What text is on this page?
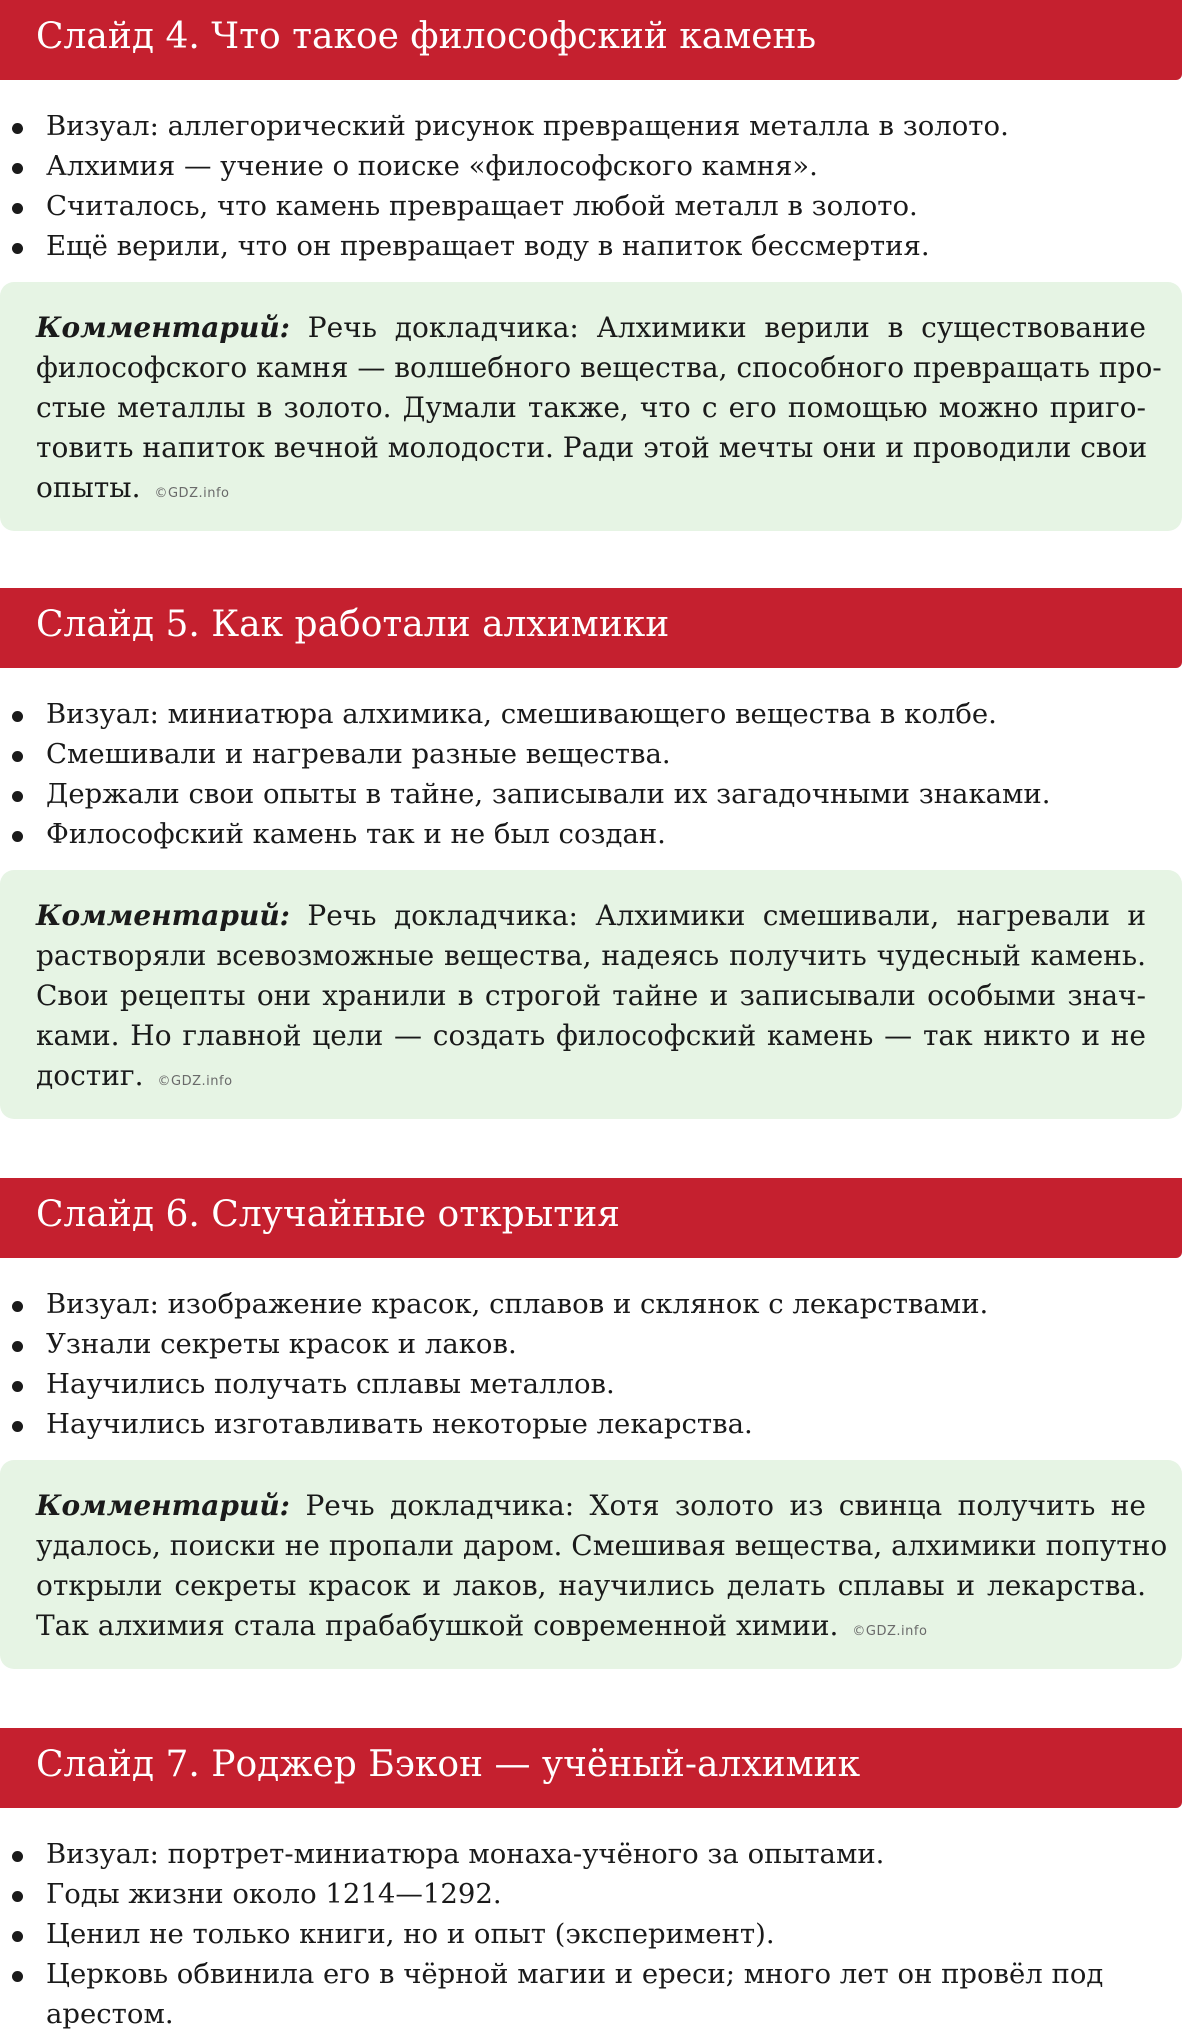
Слайд 4. Что такое философский камень
Визуал: аллегорический рисунок превращения металла в золото.
Алхимия — учение о поиске «философского камня».
Считалось, что камень превращает любой металл в золото.
Ещё верили, что он превращает воду в напиток бессмертия.
Комментарий: Речь докладчика: Алхимики верили в существование
философского камня — волшебного вещества, способного превращать про-
стые металлы в золото. Думали также, что с его помощью можно приго-
товить напиток вечной молодости. Ради этой мечты они и проводили свои
опыты. ©GDZ.info
Слайд 5. Как работали алхимики
Визуал: миниатюра алхимика, смешивающего вещества в колбе.
Смешивали и нагревали разные вещества.
Держали свои опыты в тайне, записывали их загадочными знаками.
Философский камень так и не был создан.
Комментарий: Речь докладчика: Алхимики смешивали, нагревали и
растворяли всевозможные вещества, надеясь получить чудесный камень.
Свои рецепты они хранили в строгой тайне и записывали особыми знач-
ками. Но главной цели — создать философский камень — так никто и не
достиг. ©GDZ.info
Слайд 6. Случайные открытия
Визуал: изображение красок, сплавов и склянок с лекарствами.
Узнали секреты красок и лаков.
Научились получать сплавы металлов.
Научились изготавливать некоторые лекарства.
Комментарий: Речь докладчика: Хотя золото из свинца получить не
удалось, поиски не пропали даром. Смешивая вещества, алхимики попутно
открыли секреты красок и лаков, научились делать сплавы и лекарства.
Так алхимия стала прабабушкой современной химии. ©GDZ.info
Слайд 7. Роджер Бэкон — учёный-алхимик
Визуал: портрет-миниатюра монаха-учёного за опытами.
Годы жизни около 1214—1292.
Ценил не только книги, но и опыт (эксперимент).
Церковь обвинила его в чёрной магии и ереси; много лет он провёл под
арестом.
